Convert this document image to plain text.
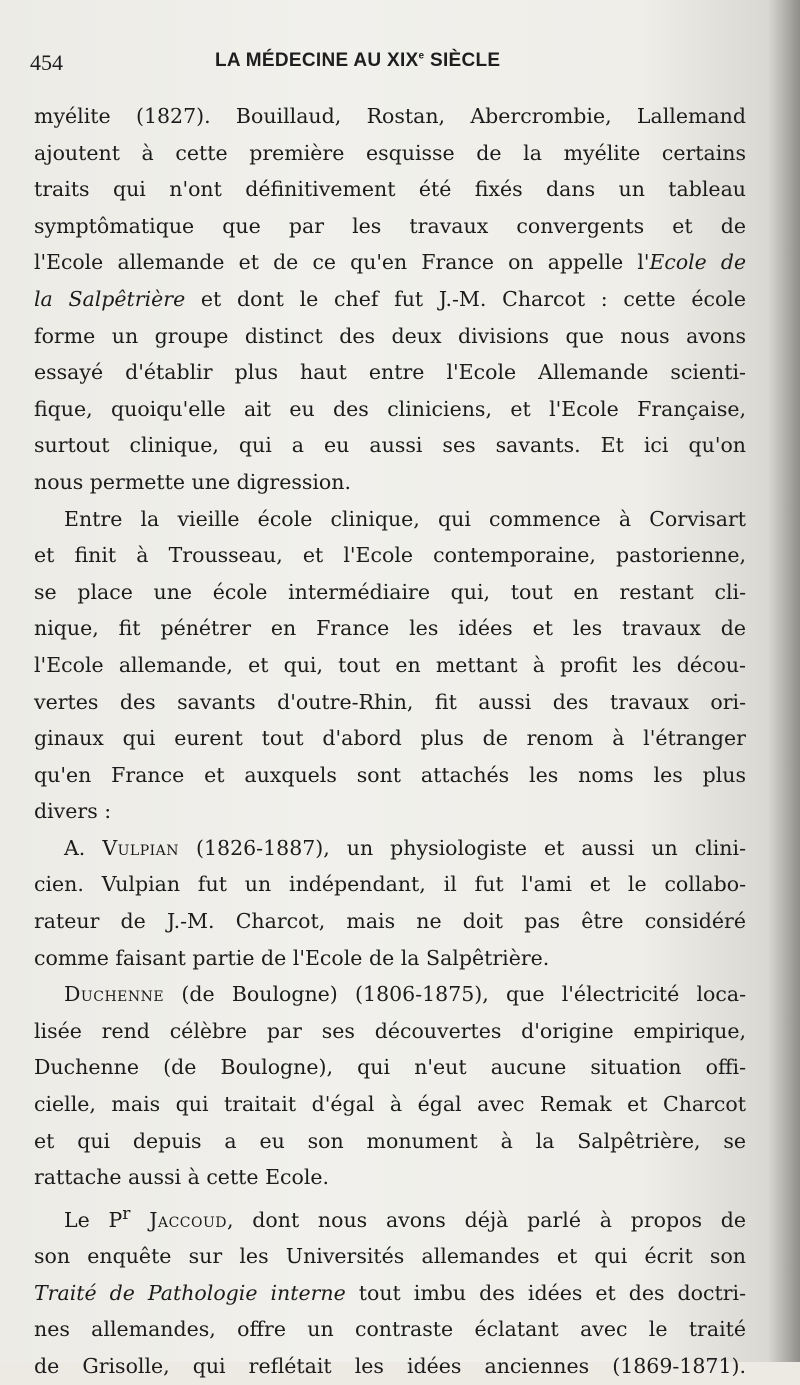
454	LA MÉDECINE AU XIXe SIÈCLE
myélite (1827). Bouillaud, Rostan, Abercrombie, Lallemand
ajoutent à cette première esquisse de la myélite certains
traits qui n'ont définitivement été fixés dans un tableau
symptômatique que par les travaux convergents et de
l'Ecole allemande et de ce qu'en France on appelle l'Ecole de
la Salpêtrière et dont le chef fut J.-M. Charcot : cette école
forme un groupe distinct des deux divisions que nous avons
essayé d'établir plus haut entre l'Ecole Allemande scienti-
fique, quoiqu'elle ait eu des cliniciens, et l'Ecole Française,
surtout clinique, qui a eu aussi ses savants. Et ici qu'on
nous permette une digression.
Entre la vieille école clinique, qui commence à Corvisart
et finit à Trousseau, et l'Ecole contemporaine, pastorienne,
se place une école intermédiaire qui, tout en restant cli-
nique, fit pénétrer en France les idées et les travaux de
l'Ecole allemande, et qui, tout en mettant à profit les décou-
vertes des savants d'outre-Rhin, fit aussi des travaux ori-
ginaux qui eurent tout d'abord plus de renom à l'étranger
qu'en France et auxquels sont attachés les noms les plus
divers :
A. Vulpian (1826-1887), un physiologiste et aussi un clini-
cien. Vulpian fut un indépendant, il fut l'ami et le collabo-
rateur de J.-M. Charcot, mais ne doit pas être considéré
comme faisant partie de l'Ecole de la Salpêtrière.
Duchenne (de Boulogne) (1806-1875), que l'électricité loca-
lisée rend célèbre par ses découvertes d'origine empirique,
Duchenne (de Boulogne), qui n'eut aucune situation offi-
cielle, mais qui traitait d'égal à égal avec Remak et Charcot
et qui depuis a eu son monument à la Salpêtrière, se
rattache aussi à cette Ecole.
Le $P^r$ Jaccoud, dont nous avons déjà parlé à propos de
son enquête sur les Universités allemandes et qui écrit son
Traité de Pathologie interne tout imbu des idées et des doctri-
nes allemandes, offre un contraste éclatant avec le traité
de Grisolle, qui reflétait les idées anciennes (1869-1871).
